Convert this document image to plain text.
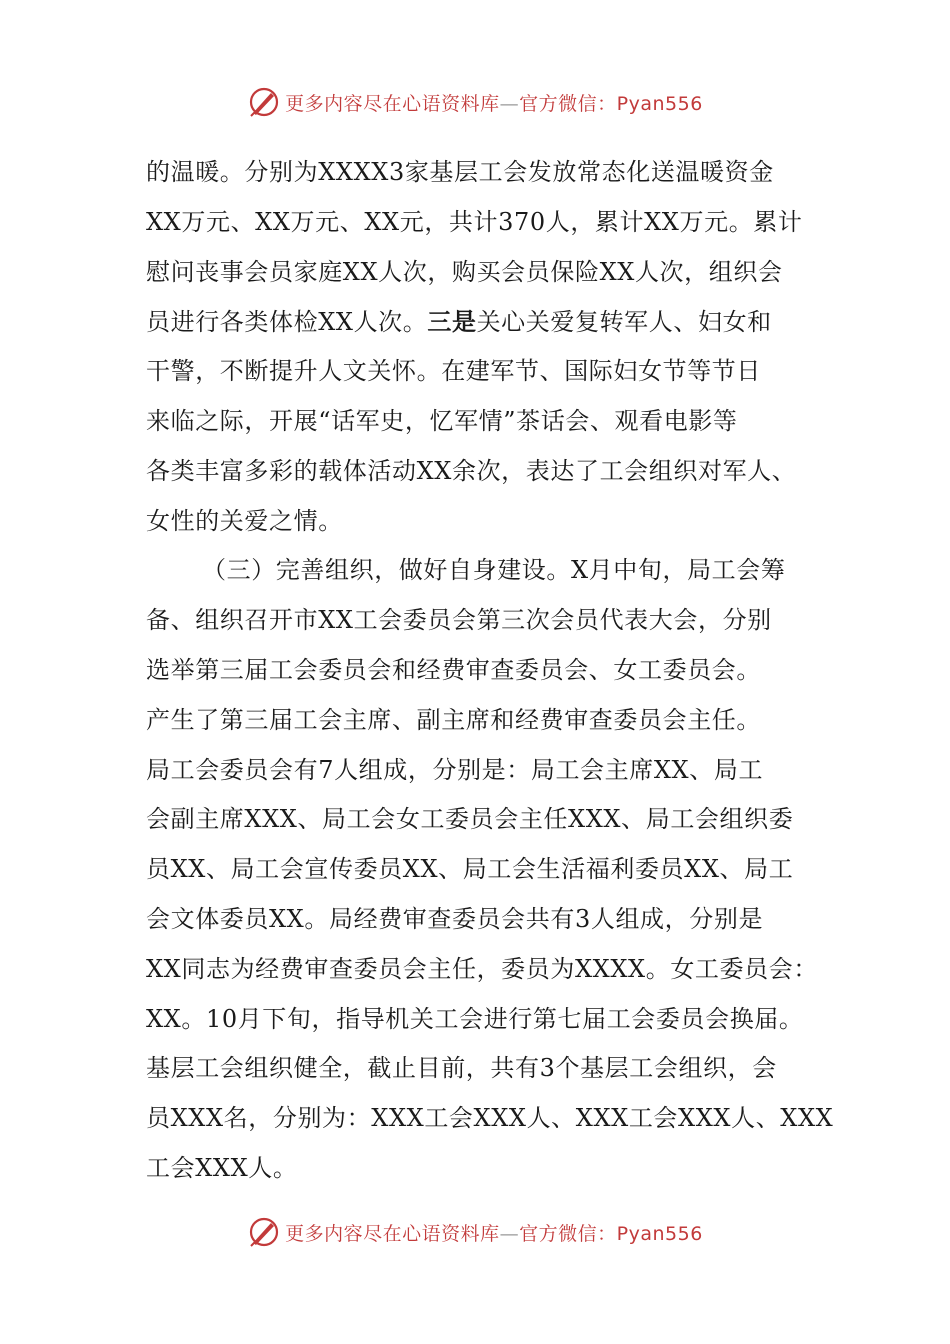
更多内容尽在心语资料库—官方微信：Pyan556
的温暖。分别为XXXX3家基层工会发放常态化送温暖资金
XX万元、XX万元、XX元，共计370人，累计XX万元。累计
慰问丧事会员家庭XX人次，购买会员保险XX人次，组织会
员进行各类体检XX人次。三是关心关爱复转军人、妇女和
干警，不断提升人文关怀。在建军节、国际妇女节等节日
来临之际，开展“话军史，忆军情”茶话会、观看电影等
各类丰富多彩的载体活动XX余次，表达了工会组织对军人、
女性的关爱之情。
（三）完善组织，做好自身建设。X月中旬，局工会筹
备、组织召开市XX工会委员会第三次会员代表大会，分别
选举第三届工会委员会和经费审查委员会、女工委员会。
产生了第三届工会主席、副主席和经费审查委员会主任。
局工会委员会有7人组成，分别是：局工会主席XX、局工
会副主席XXX、局工会女工委员会主任XXX、局工会组织委
员XX、局工会宣传委员XX、局工会生活福利委员XX、局工
会文体委员XX。局经费审查委员会共有3人组成，分别是
XX同志为经费审查委员会主任，委员为XXXX。女工委员会：
XX。10月下旬，指导机关工会进行第七届工会委员会换届。
基层工会组织健全，截止目前，共有3个基层工会组织，会
员XXX名，分别为：XXX工会XXX人、XXX工会XXX人、XXX
工会XXX人。
更多内容尽在心语资料库—官方微信：Pyan556
